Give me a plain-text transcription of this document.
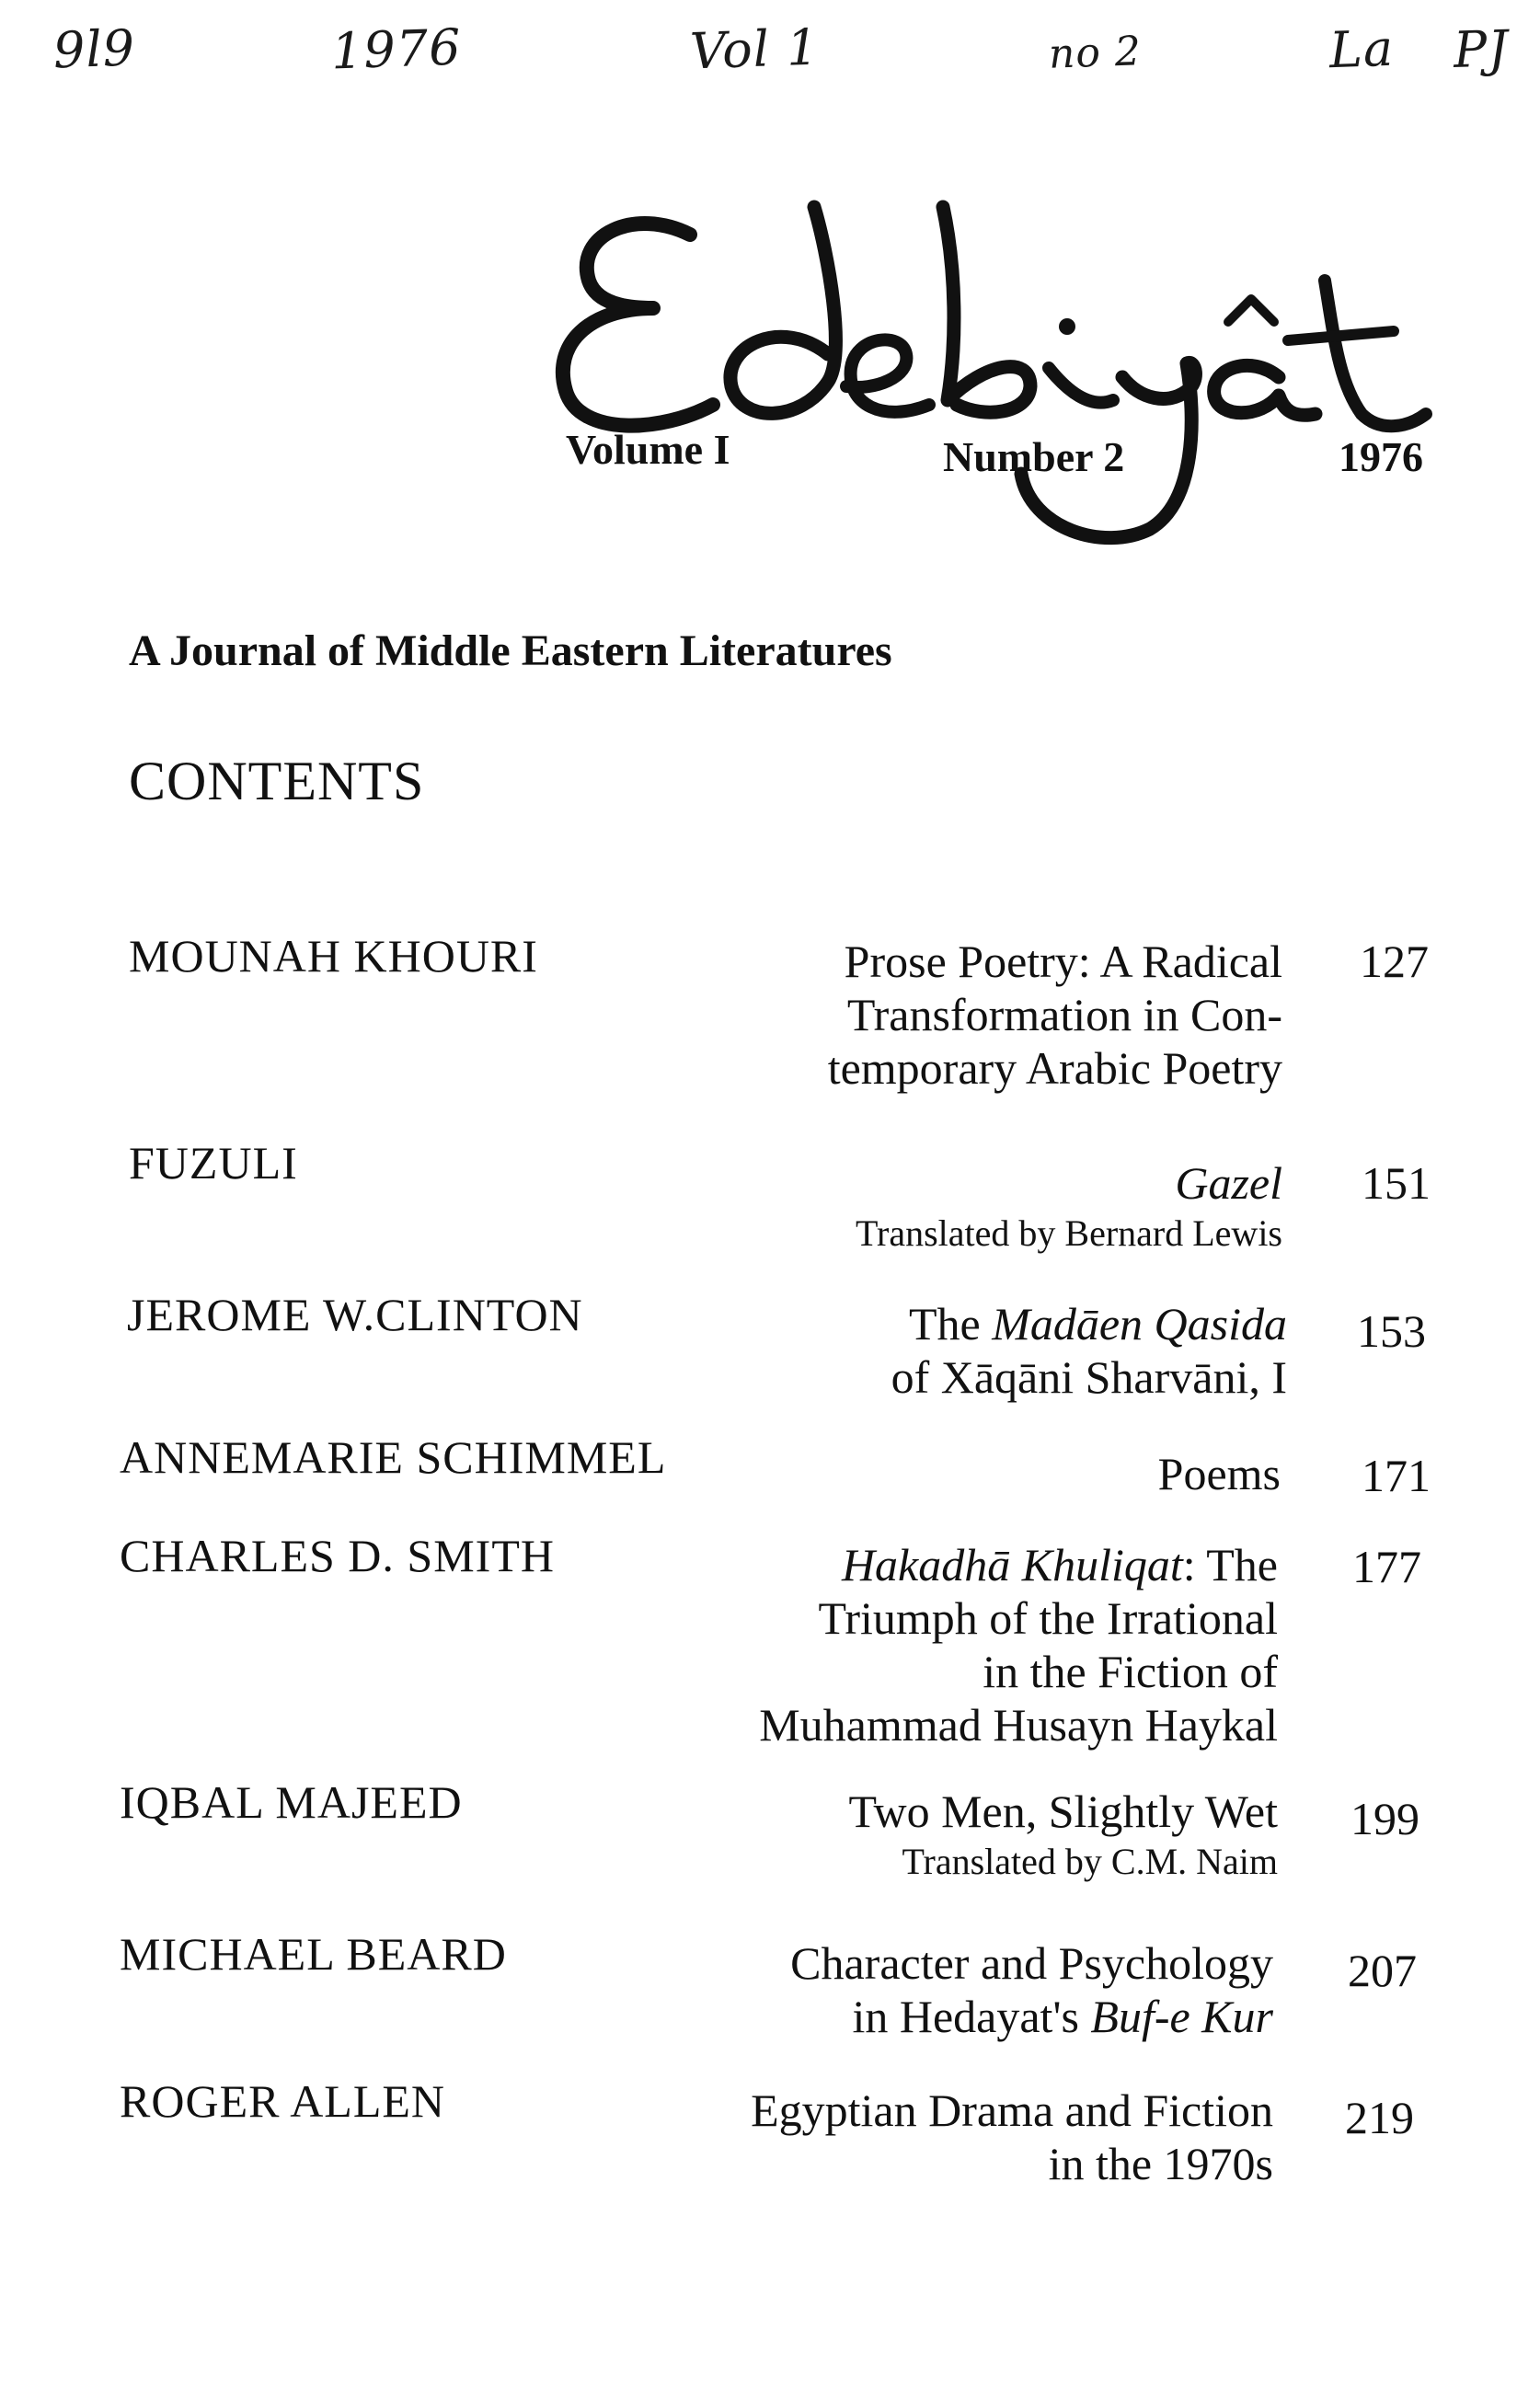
9l9	1976	Vol 1	no 2	La PJ
Volume I	Number 2	1976
A Journal of Middle Eastern Literatures
CONTENTS
MOUNAH KHOURI	Prose Poetry: A Radical
Transformation in Con-
temporary Arabic Poetry
127
FUZULI	Gazel
Translated by Bernard Lewis
151
JEROME W.CLINTON	The Madāen Qasida
of Xāqāni Sharvāni, I
153
ANNEMARIE SCHIMMEL	Poems 171
CHARLES D. SMITH	Hakadhā Khuliqat: The
Triumph of the Irrational
in the Fiction of
Muhammad Husayn Haykal
177
IQBAL MAJEED	Two Men, Slightly Wet
Translated by C.M. Naim
199
MICHAEL BEARD	Character and Psychology
in Hedayat's Buf-e Kur
207
ROGER ALLEN	Egyptian Drama and Fiction
in the 1970s
219
